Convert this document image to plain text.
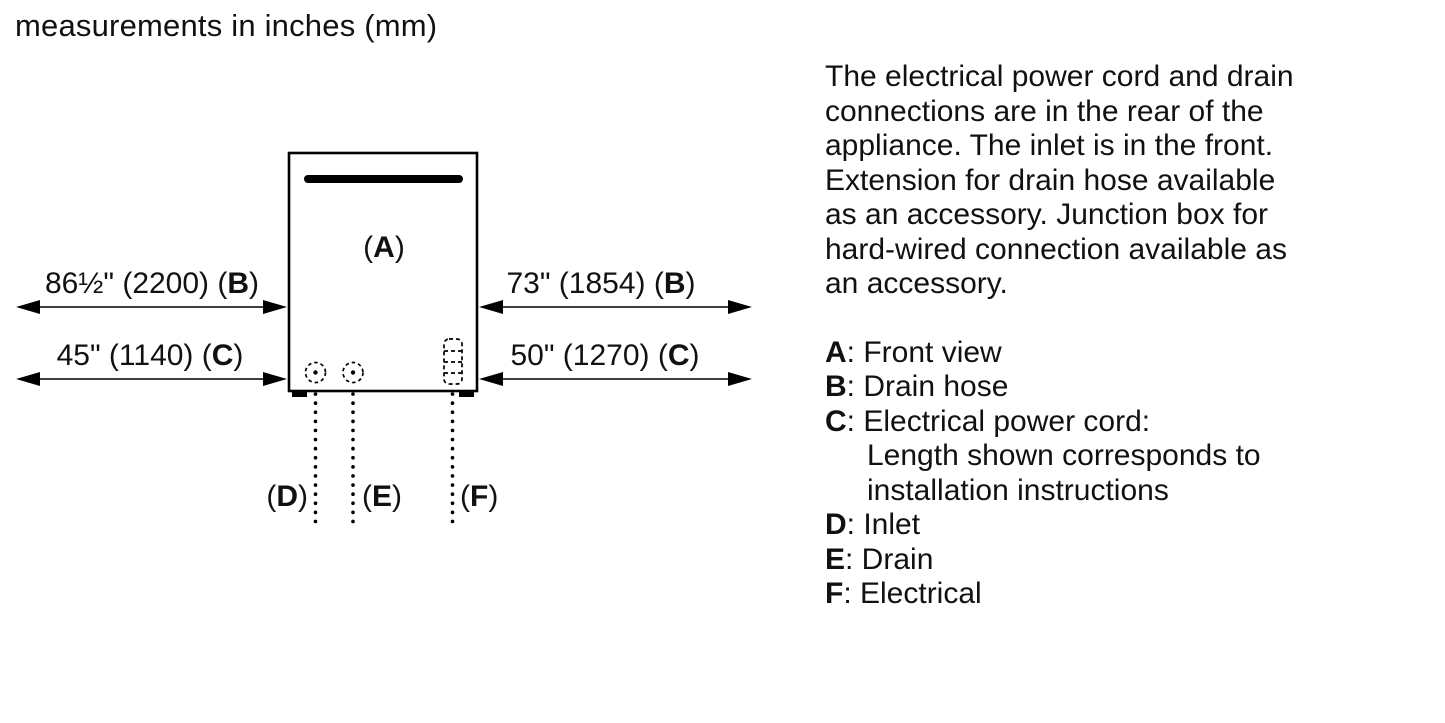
measurements in inches (mm)
(A)
(D) (E) (F)
86½" (2200) (B)
45" (1140) (C)
73" (1854) (B)
50" (1270) (C)
The electrical power cord and drain
connections are in the rear of the
appliance. The inlet is in the front.
Extension for drain hose available
as an accessory. Junction box for
hard-wired connection available as
an accessory.
A: Front view
B: Drain hose
C: Electrical power cord:
Length shown corresponds to
installation instructions
D: Inlet
E: Drain
F: Electrical
